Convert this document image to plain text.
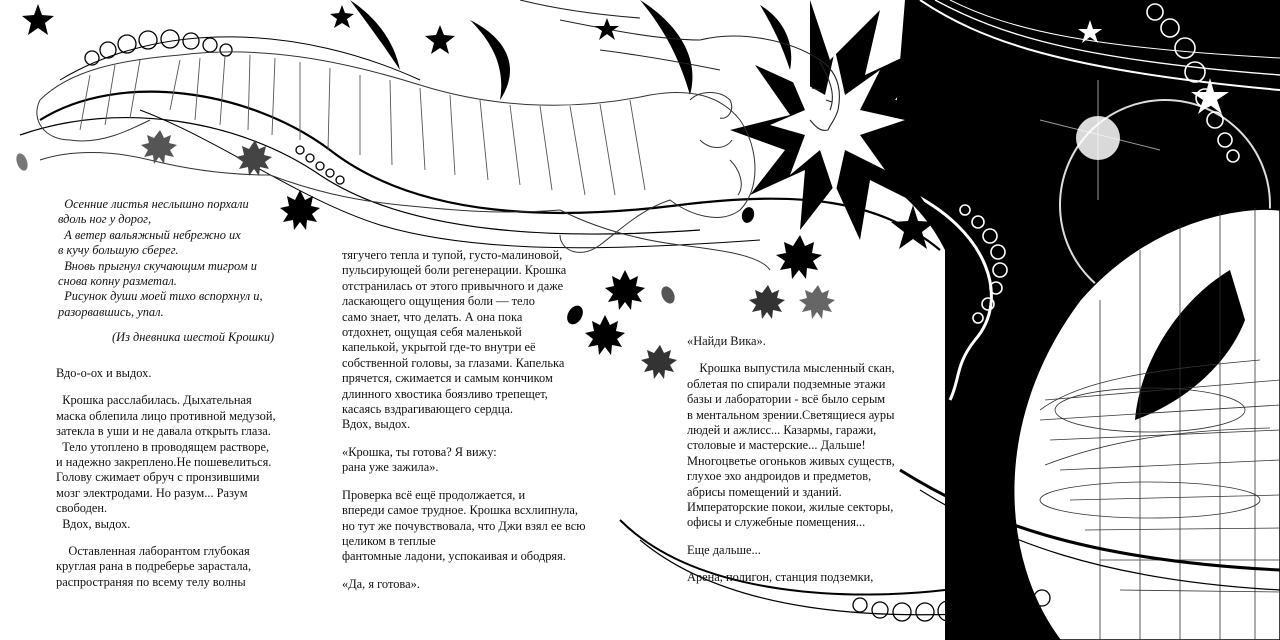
Осенние листья неслышно порхали

вдоль ног у дорог,

А ветер вальяжный небрежно их

в кучу большую сберег.

Вновь прыгнул скучающим тигром и

снова копну разметал.

Рисунок души моей тихо вспорхнул и,

разорвавшись, упал.

(Из дневника шестой Крошки)

Вдо-о-ох и выдох.

Крошка расслабилась. Дыхательная

маска облепила лицо противной медузой,

затекла в уши и не давала открыть глаза.

Тело утоплено в проводящем растворе,

и надежно закреплено.Не пошевелиться.

Голову сжимает обруч с пронзившими

мозг электродами. Но разум... Разум

свободен.

Вдох, выдох.

Оставленная лаборантом глубокая

круглая рана в подреберье зарастала,

распространяя по всему телу волны

тягучего тепла и тупой, густо-малиновой,

пульсирующей боли регенерации. Крошка

отстранилась от этого привычного и даже

ласкающего ощущения боли — тело

само знает, что делать. А она пока

отдохнет, ощущая себя маленькой

капелькой, укрытой где-то внутри её

собственной головы, за глазами. Капелька

прячется, сжимается и самым кончиком

длинного хвостика боязливо трепещет,

касаясь вздрагивающего сердца.

Вдох, выдох.

«Крошка, ты готова? Я вижу:

рана уже зажила».

Проверка всё ещё продолжается, и

впереди самое трудное. Крошка всхлипнула,

но тут же почувствовала, что Джи взял ее всю

целиком в теплые

фантомные ладони, успокаивая и ободряя.

«Да, я готова».

«Найди Вика».

Крошка выпустила мысленный скан,

облетая по спирали подземные этажи

базы и лаборатории - всё было серым

в ментальном зрении.Светящиеся ауры

людей и ажлисс... Казармы, гаражи,

столовые и мастерские... Дальше!

Многоцветье огоньков живых существ,

глухое эхо андроидов и предметов,

абрисы помещений и зданий.

Императорские покои, жилые секторы,

офисы и служебные помещения...

Еще дальше...

Арена, полигон, станция подземки,
